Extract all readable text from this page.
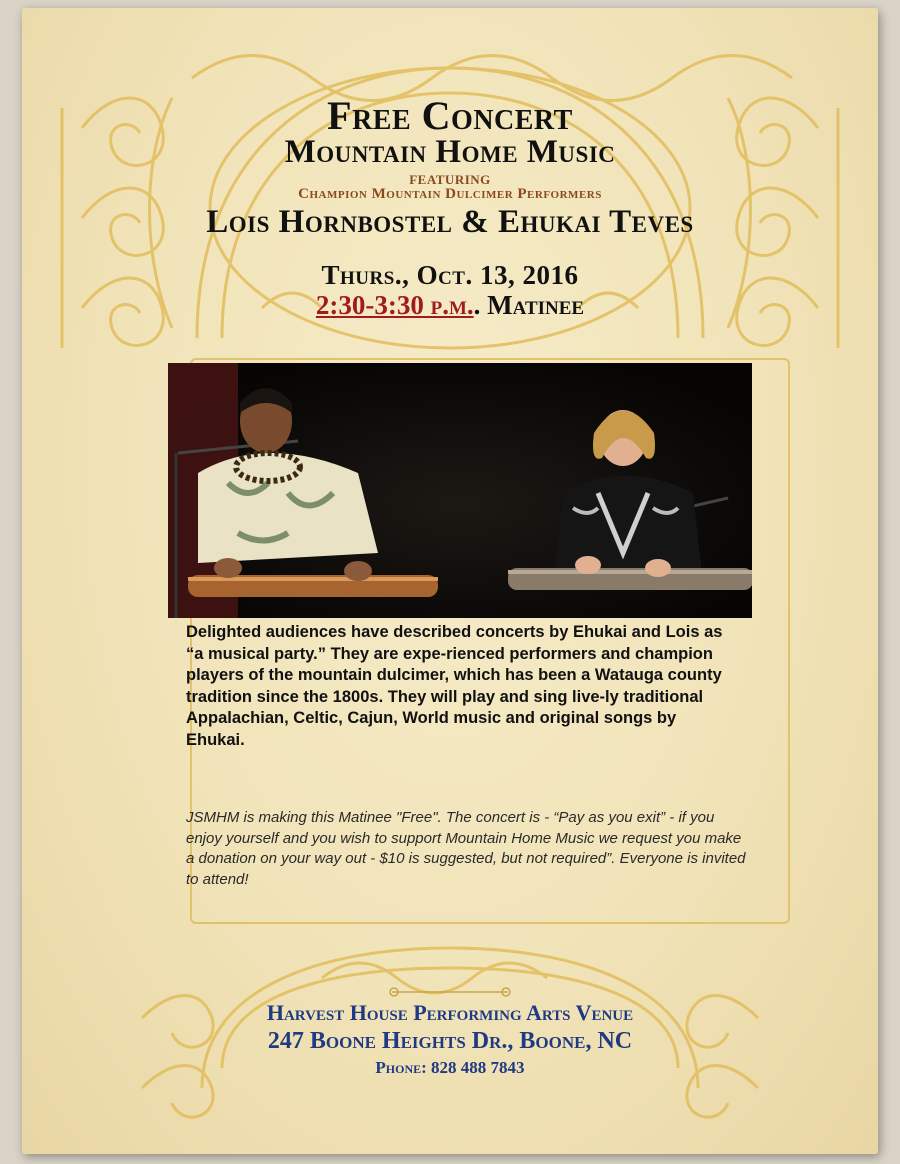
Free Concert
Mountain Home Music
featuring
Champion Mountain Dulcimer Performers
Lois Hornbostel & Ehukai Teves
Thurs., Oct. 13, 2016
2:30-3:30 p.m.. Matinee

Delighted audiences have described concerts by Ehukai and Lois as “a musical party.” They are expe-rienced performers and champion players of the mountain dulcimer, which has been a Watauga county tradition since the 1800s. They will play and sing live-ly traditional Appalachian, Celtic, Cajun, World music and original songs by Ehukai.

JSMHM is making this Matinee "Free". The concert is - “Pay as you exit” - if you enjoy yourself and you wish to support Mountain Home Music we request you make a donation on your way out - $10 is suggested, but not required”. Everyone is invited to attend!

Harvest House Performing Arts Venue
247 Boone Heights Dr., Boone, NC
Phone: 828 488 7843
